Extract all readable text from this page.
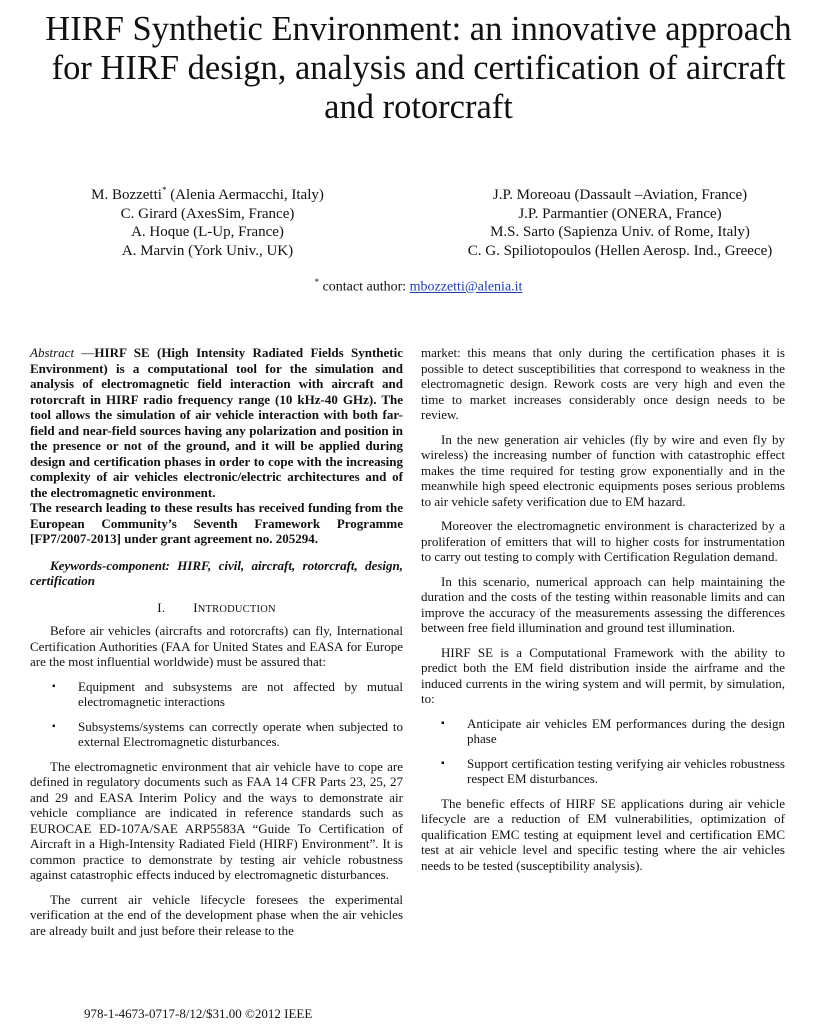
HIRF Synthetic Environment: an innovative approach
for HIRF design, analysis and certification of aircraft
and rotorcraft
M. Bozzetti* (Alenia Aermacchi, Italy)
C. Girard (AxesSim, France)
A. Hoque (L-Up, France)
A. Marvin (York Univ., UK)
J.P. Moreoau (Dassault –Aviation, France)
J.P. Parmantier (ONERA, France)
M.S. Sarto (Sapienza Univ. of Rome, Italy)
C. G. Spiliotopoulos (Hellen Aerosp. Ind., Greece)
* contact author: mbozzetti@alenia.it

Abstract —HIRF SE (High Intensity Radiated Fields Synthetic Environment) is a computational tool for the simulation and analysis of electromagnetic field interaction with aircraft and rotorcraft in HIRF radio frequency range (10 kHz-40 GHz). The tool allows the simulation of air vehicle interaction with both far-field and near-field sources having any polarization and position in the presence or not of the ground, and it will be applied during design and certification phases in order to cope with the increasing complexity of air vehicles electronic/electric architectures and of the electromagnetic environment.

The research leading to these results has received funding from the European Community’s Seventh Framework Programme [FP7/2007-2013] under grant agreement no. 205294.

Keywords-component: HIRF, civil, aircraft, rotorcraft, design, certification

I. INTRODUCTION

Before air vehicles (aircrafts and rotorcrafts) can fly, International Certification Authorities (FAA for United States and EASA for Europe are the most influential worldwide) must be assured that:

▪ Equipment and subsystems are not affected by mutual electromagnetic interactions
▪ Subsystems/systems can correctly operate when subjected to external Electromagnetic disturbances.

The electromagnetic environment that air vehicle have to cope are defined in regulatory documents such as FAA 14 CFR Parts 23, 25, 27 and 29 and EASA Interim Policy and the ways to demonstrate air vehicle compliance are indicated in reference standards such as EUROCAE ED-107A/SAE ARP5583A “Guide To Certification of Aircraft in a High-Intensity Radiated Field (HIRF) Environment”. It is common practice to demonstrate by testing air vehicle robustness against catastrophic effects induced by electromagnetic disturbances.

The current air vehicle lifecycle foresees the experimental verification at the end of the development phase when the air vehicles are already built and just before their release to the

market: this means that only during the certification phases it is possible to detect susceptibilities that correspond to weakness in the electromagnetic design. Rework costs are very high and even the time to market increases considerably once design needs to be review.

In the new generation air vehicles (fly by wire and even fly by wireless) the increasing number of function with catastrophic effect makes the time required for testing grow exponentially and in the meanwhile high speed electronic equipments poses serious problems to air vehicle safety verification due to EM hazard.

Moreover the electromagnetic environment is characterized by a proliferation of emitters that will to higher costs for instrumentation to carry out testing to comply with Certification Regulation demand.

In this scenario, numerical approach can help maintaining the duration and the costs of the testing within reasonable limits and can improve the accuracy of the measurements assessing the differences between free field illumination and ground test illumination.

HIRF SE is a Computational Framework with the ability to predict both the EM field distribution inside the airframe and the induced currents in the wiring system and will permit, by simulation, to:

▪ Anticipate air vehicles EM performances during the design phase
▪ Support certification testing verifying air vehicles robustness respect EM disturbances.

The benefic effects of HIRF SE applications during air vehicle lifecycle are a reduction of EM vulnerabilities, optimization of qualification EMC testing at equipment level and certification EMC test at air vehicle level and specific testing where the air vehicles needs to be tested (susceptibility analysis).

978-1-4673-0717-8/12/$31.00 ©2012 IEEE
